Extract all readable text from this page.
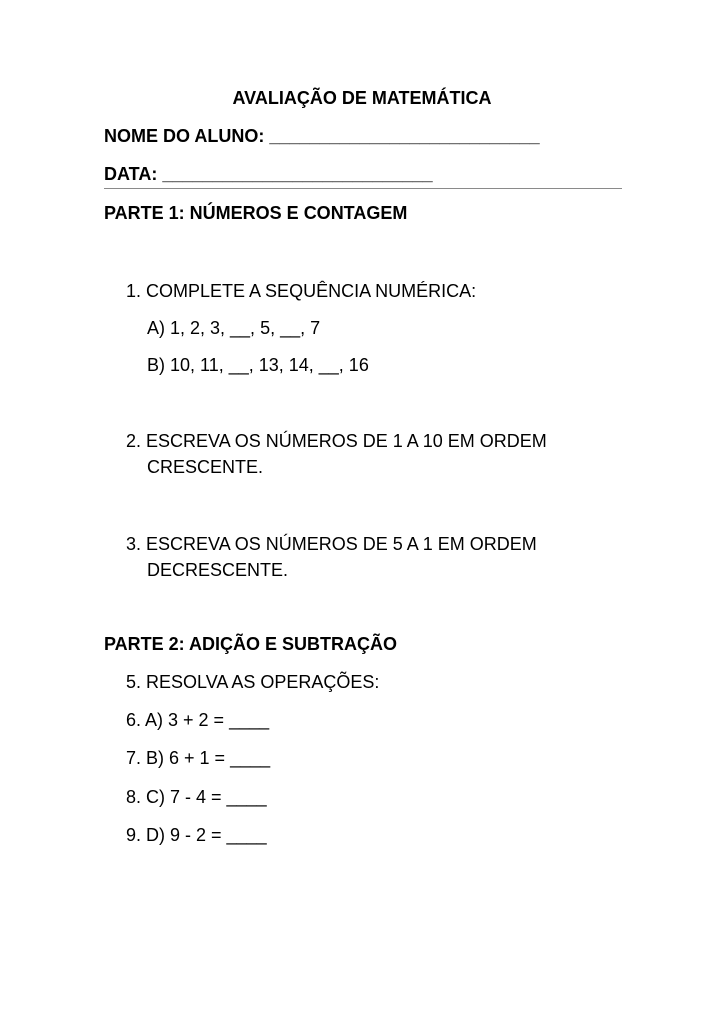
AVALIAÇÃO DE MATEMÁTICA
NOME DO ALUNO: ___________________________
DATA: ___________________________
PARTE 1: NÚMEROS E CONTAGEM
1. COMPLETE A SEQUÊNCIA NUMÉRICA:
A) 1, 2, 3, __, 5, __, 7
B) 10, 11, __, 13, 14, __, 16
2. ESCREVA OS NÚMEROS DE 1 A 10 EM ORDEM
CRESCENTE.
3. ESCREVA OS NÚMEROS DE 5 A 1 EM ORDEM
DECRESCENTE.
PARTE 2: ADIÇÃO E SUBTRAÇÃO
5. RESOLVA AS OPERAÇÕES:
6. A) 3 + 2 = ____
7. B) 6 + 1 = ____
8. C) 7 - 4 = ____
9. D) 9 - 2 = ____
